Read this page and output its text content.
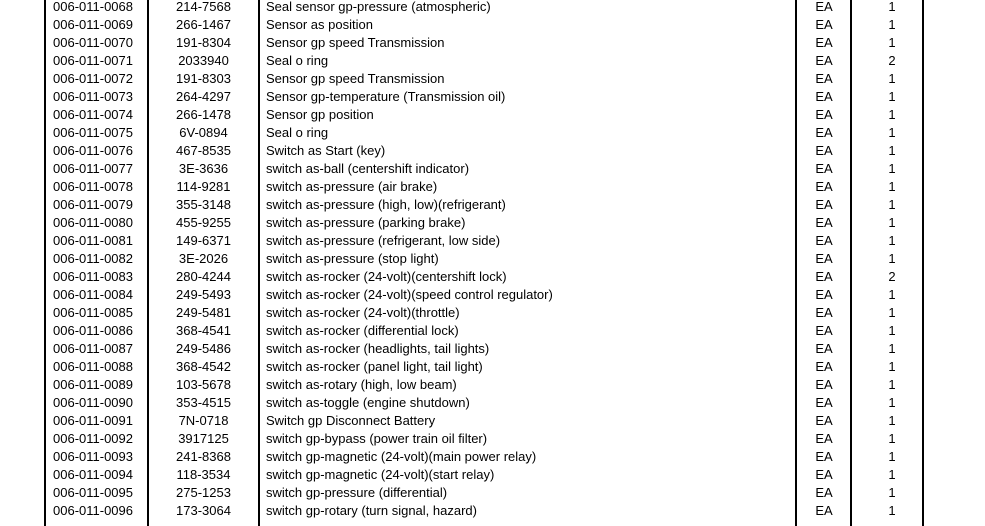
006-011-0068	214-7568	Seal sensor gp-pressure (atmospheric)	EA	1
006-011-0069	266-1467	Sensor as position	EA	1
006-011-0070	191-8304	Sensor gp speed Transmission	EA	1
006-011-0071	2033940	Seal o ring	EA	2
006-011-0072	191-8303	Sensor gp speed Transmission	EA	1
006-011-0073	264-4297	Sensor gp-temperature (Transmission oil)	EA	1
006-011-0074	266-1478	Sensor gp position	EA	1
006-011-0075	6V-0894	Seal o ring	EA	1
006-011-0076	467-8535	Switch as Start (key)	EA	1
006-011-0077	3E-3636	switch as-ball (centershift indicator)	EA	1
006-011-0078	114-9281	switch as-pressure (air brake)	EA	1
006-011-0079	355-3148	switch as-pressure (high, low)(refrigerant)	EA	1
006-011-0080	455-9255	switch as-pressure (parking brake)	EA	1
006-011-0081	149-6371	switch as-pressure (refrigerant, low side)	EA	1
006-011-0082	3E-2026	switch as-pressure (stop light)	EA	1
006-011-0083	280-4244	switch as-rocker (24-volt)(centershift lock)	EA	2
006-011-0084	249-5493	switch as-rocker (24-volt)(speed control regulator)	EA	1
006-011-0085	249-5481	switch as-rocker (24-volt)(throttle)	EA	1
006-011-0086	368-4541	switch as-rocker (differential lock)	EA	1
006-011-0087	249-5486	switch as-rocker (headlights, tail lights)	EA	1
006-011-0088	368-4542	switch as-rocker (panel light, tail light)	EA	1
006-011-0089	103-5678	switch as-rotary (high, low beam)	EA	1
006-011-0090	353-4515	switch as-toggle (engine shutdown)	EA	1
006-011-0091	7N-0718	Switch gp Disconnect Battery	EA	1
006-011-0092	3917125	switch gp-bypass (power train oil filter)	EA	1
006-011-0093	241-8368	switch gp-magnetic (24-volt)(main power relay)	EA	1
006-011-0094	118-3534	switch gp-magnetic (24-volt)(start relay)	EA	1
006-011-0095	275-1253	switch gp-pressure (differential)	EA	1
006-011-0096	173-3064	switch gp-rotary (turn signal, hazard)	EA	1
